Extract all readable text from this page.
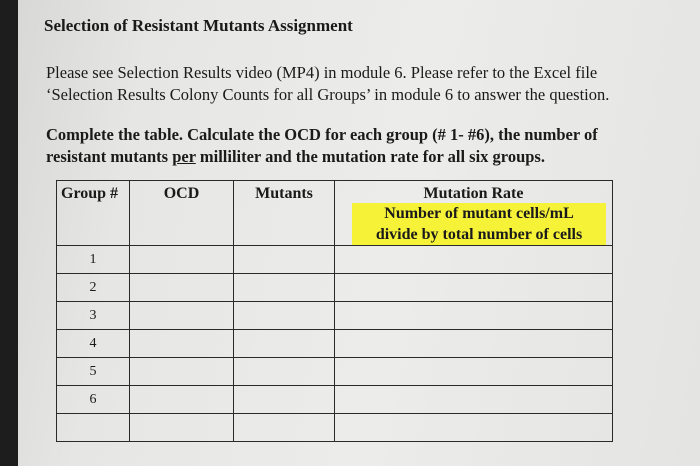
Selection of Resistant Mutants Assignment
Please see Selection Results video (MP4) in module 6. Please refer to the Excel file
‘Selection Results Colony Counts for all Groups’ in module 6 to answer the question.
Complete the table. Calculate the OCD for each group (# 1- #6), the number of
resistant mutants per milliliter and the mutation rate for all six groups.
Group #	OCD	Mutants	Mutation Rate
Number of mutant cells/mL
divide by total number of cells

1			
2			
3			
4			
5			
6			
